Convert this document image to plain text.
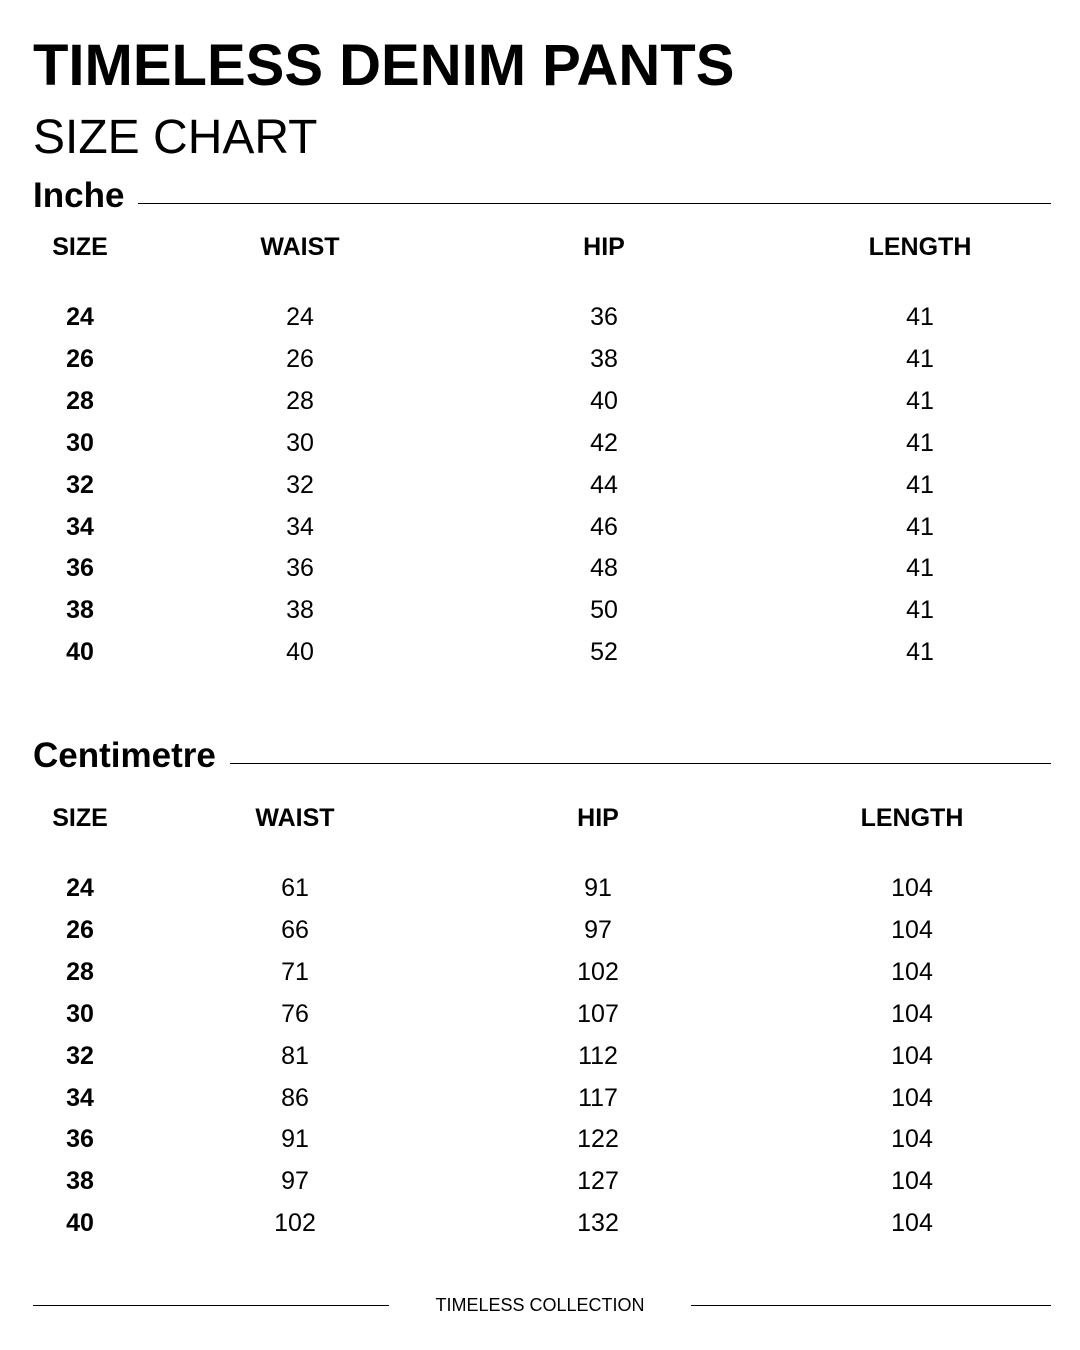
TIMELESS DENIM PANTS
SIZE CHART
Inche
SIZE	WAIST	HIP	LENGTH
24	24	36	41
26	26	38	41
28	28	40	41
30	30	42	41
32	32	44	41
34	34	46	41
36	36	48	41
38	38	50	41
40	40	52	41
Centimetre
SIZE	WAIST	HIP	LENGTH
24	61	91	104
26	66	97	104
28	71	102	104
30	76	107	104
32	81	112	104
34	86	117	104
36	91	122	104
38	97	127	104
40	102	132	104
TIMELESS COLLECTION
